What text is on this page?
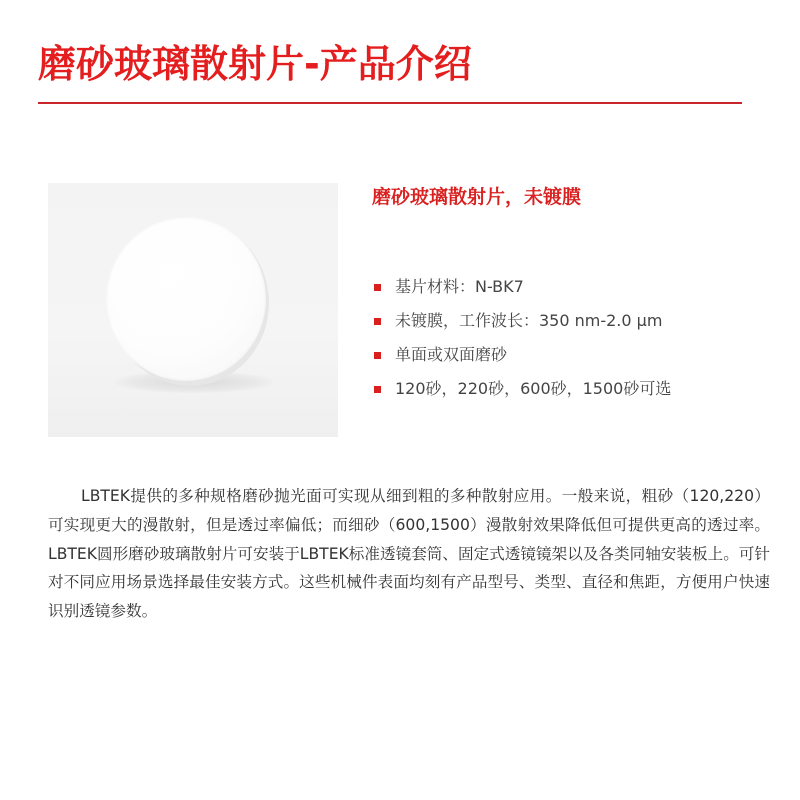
磨砂玻璃散射片-产品介绍
磨砂玻璃散射片，未镀膜
基片材料：N-BK7
未镀膜，工作波长：350 nm-2.0 µm
单面或双面磨砂
120砂，220砂，600砂，1500砂可选

LBTEK提供的多种规格磨砂抛光面可实现从细到粗的多种散射应用。一般来说，粗砂（120,220）可实现更大的漫散射，但是透过率偏低；而细砂（600,1500）漫散射效果降低但可提供更高的透过率。LBTEK圆形磨砂玻璃散射片可安装于LBTEK标准透镜套筒、固定式透镜镜架以及各类同轴安装板上。可针对不同应用场景选择最佳安装方式。这些机械件表面均刻有产品型号、类型、直径和焦距，方便用户快速识别透镜参数。
